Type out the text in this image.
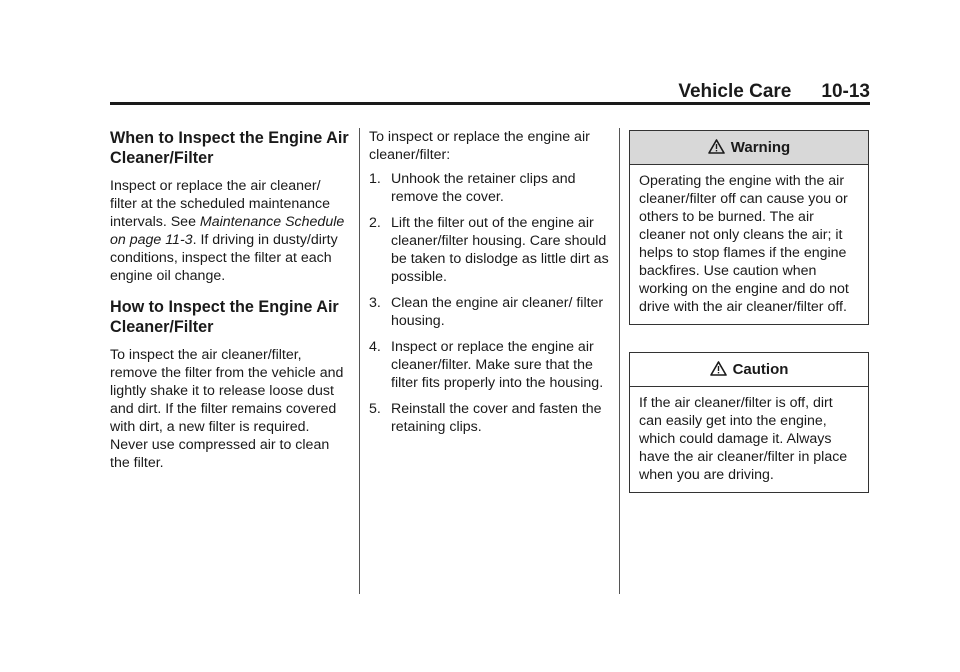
Vehicle Care 10-13
When to Inspect the Engine Air Cleaner/Filter

Inspect or replace the air cleaner/ filter at the scheduled maintenance intervals. See Maintenance Schedule on page 11-3. If driving in dusty/dirty conditions, inspect the filter at each engine oil change.

How to Inspect the Engine Air Cleaner/Filter

To inspect the air cleaner/filter, remove the filter from the vehicle and lightly shake it to release loose dust and dirt. If the filter remains covered with dirt, a new filter is required. Never use compressed air to clean the filter.

To inspect or replace the engine air cleaner/filter:

1. Unhook the retainer clips and remove the cover.
2. Lift the filter out of the engine air cleaner/filter housing. Care should be taken to dislodge as little dirt as possible.
3. Clean the engine air cleaner/ filter housing.
4. Inspect or replace the engine air cleaner/filter. Make sure that the filter fits properly into the housing.
5. Reinstall the cover and fasten the retaining clips.
Warning
Operating the engine with the air cleaner/filter off can cause you or others to be burned. The air cleaner not only cleans the air; it helps to stop flames if the engine backfires. Use caution when working on the engine and do not drive with the air cleaner/filter off.
Caution
If the air cleaner/filter is off, dirt can easily get into the engine, which could damage it. Always have the air cleaner/filter in place when you are driving.
